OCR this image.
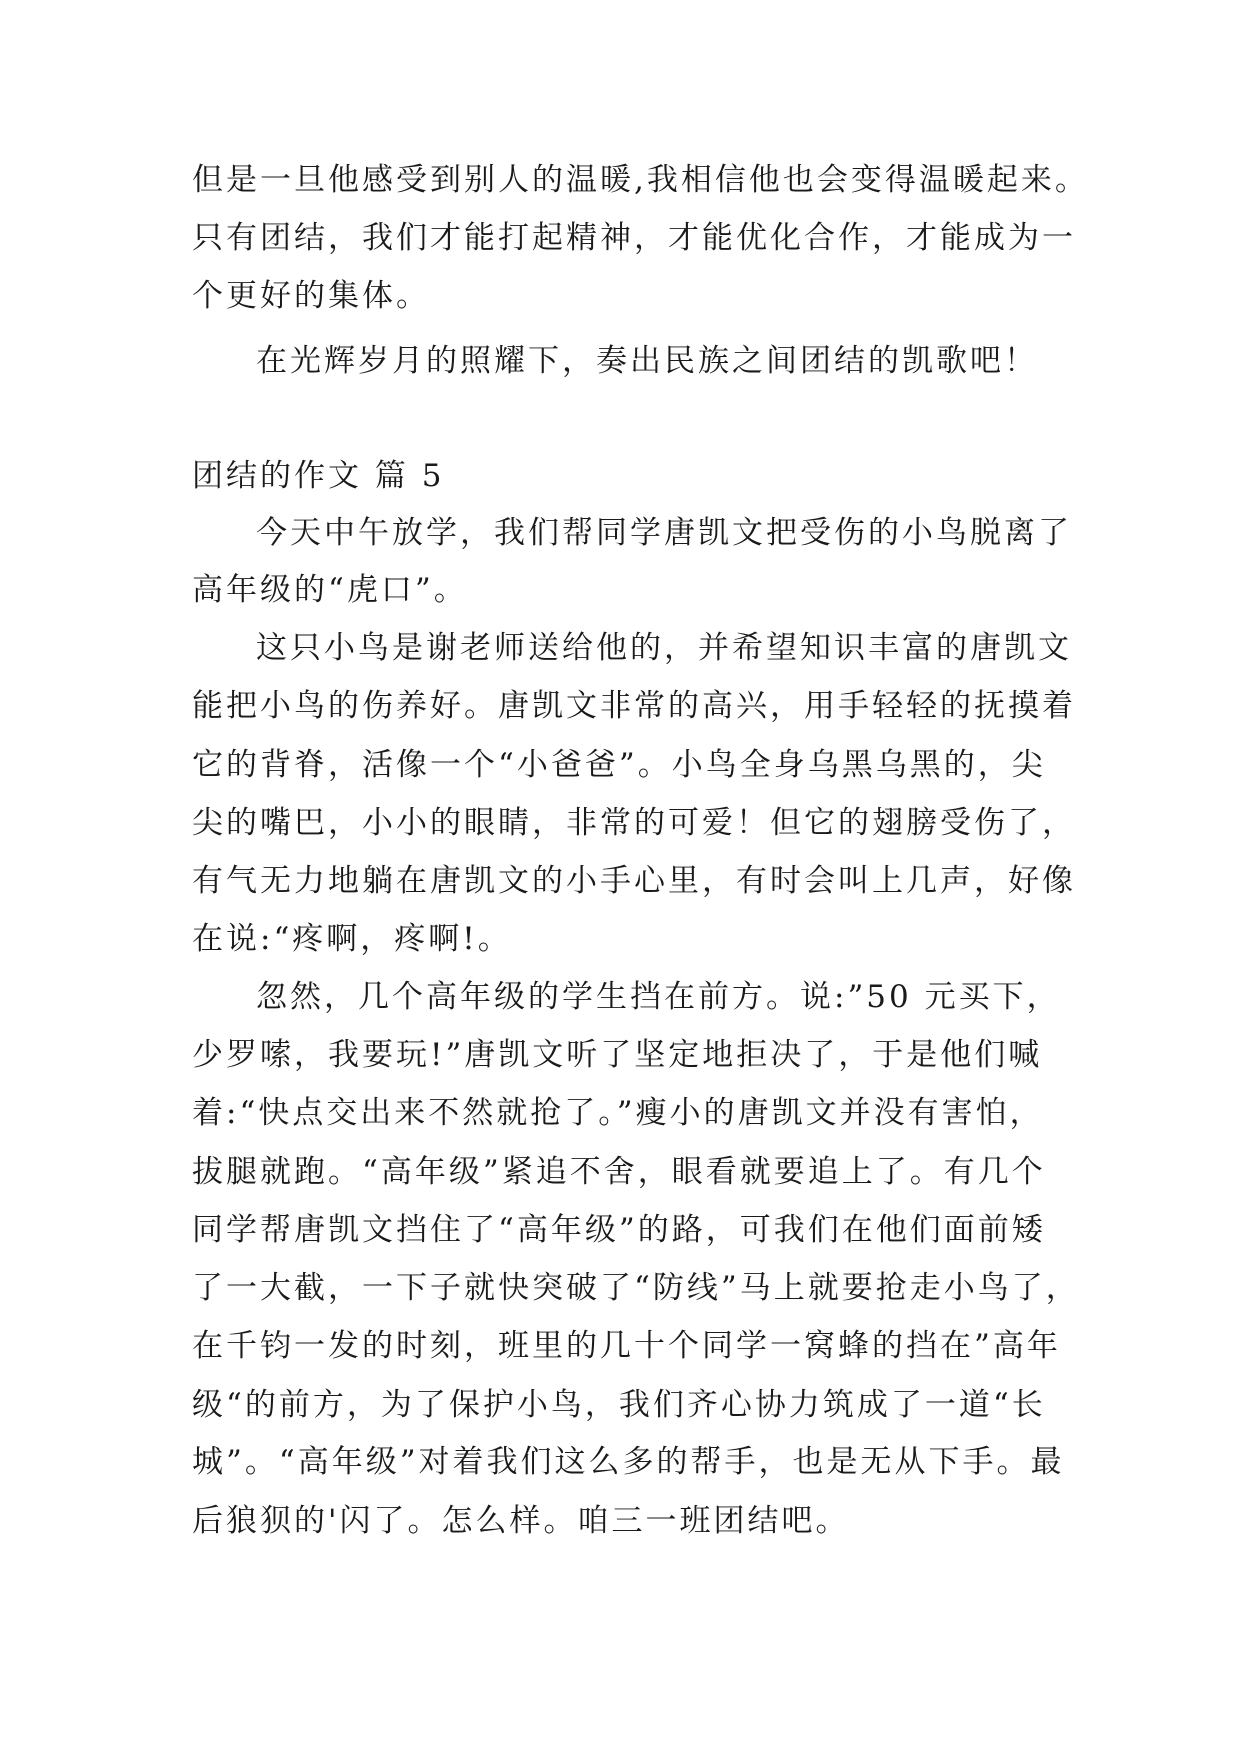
但是一旦他感受到别人的温暖,我相信他也会变得温暖起来。
只有团结，我们才能打起精神，才能优化合作，才能成为一
个更好的集体。
在光辉岁月的照耀下，奏出民族之间团结的凯歌吧！
团结的作文 篇 5
今天中午放学，我们帮同学唐凯文把受伤的小鸟脱离了
高年级的“虎口”。
这只小鸟是谢老师送给他的，并希望知识丰富的唐凯文
能把小鸟的伤养好。唐凯文非常的高兴，用手轻轻的抚摸着
它的背脊，活像一个“小爸爸”。小鸟全身乌黑乌黑的，尖
尖的嘴巴，小小的眼睛，非常的可爱！但它的翅膀受伤了，
有气无力地躺在唐凯文的小手心里，有时会叫上几声，好像
在说:“疼啊，疼啊!。
忽然，几个高年级的学生挡在前方。说:”50 元买下，
少罗嗦，我要玩!”唐凯文听了坚定地拒决了，于是他们喊
着:“快点交出来不然就抢了。”瘦小的唐凯文并没有害怕，
拔腿就跑。“高年级”紧追不舍，眼看就要追上了。有几个
同学帮唐凯文挡住了“高年级”的路，可我们在他们面前矮
了一大截，一下子就快突破了“防线”马上就要抢走小鸟了，
在千钧一发的时刻，班里的几十个同学一窝蜂的挡在”高年
级“的前方，为了保护小鸟，我们齐心协力筑成了一道“长
城”。“高年级”对着我们这么多的帮手，也是无从下手。最
后狼狈的'闪了。怎么样。咱三一班团结吧。
